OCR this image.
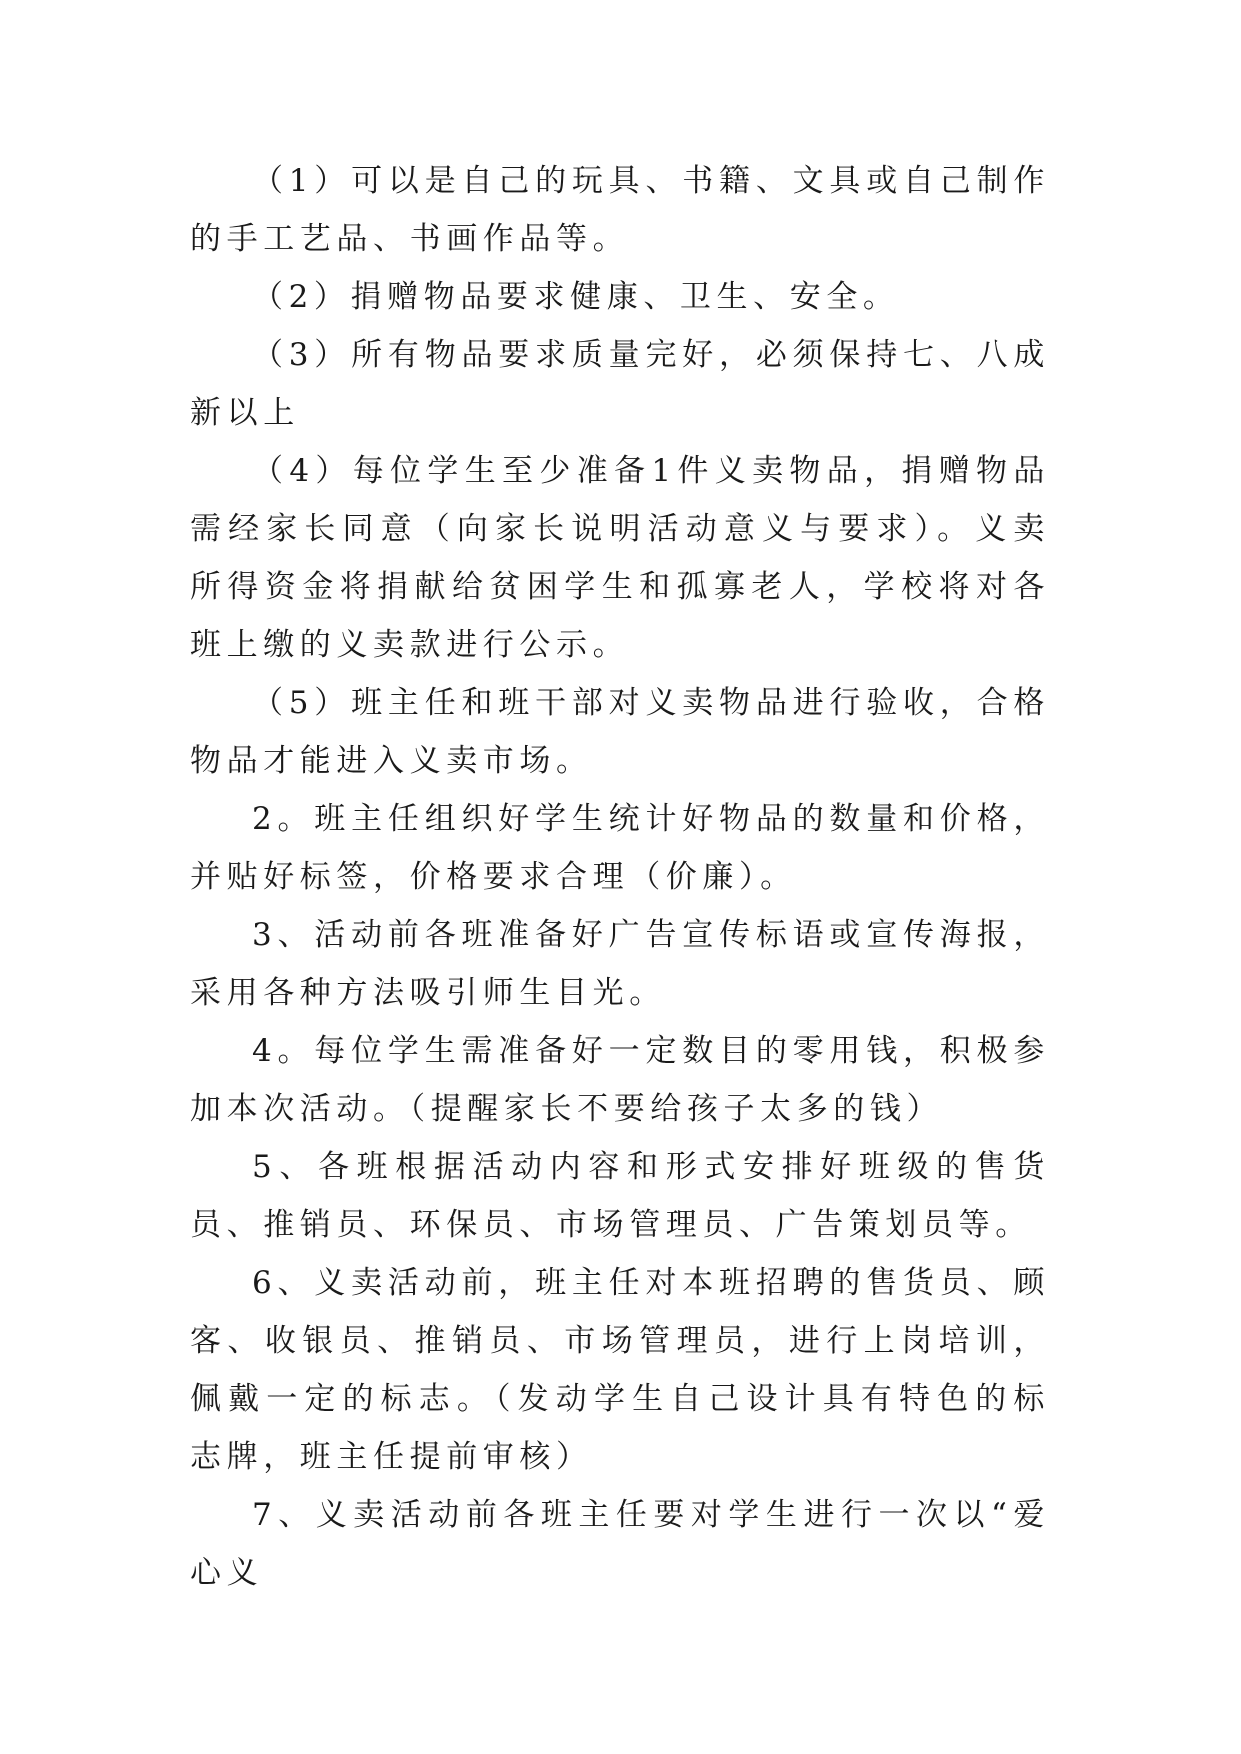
（1）可以是自己的玩具、书籍、文具或自己制作的手工艺品、书画作品等。

（2）捐赠物品要求健康、卫生、安全。

（3）所有物品要求质量完好，必须保持七、八成新以上

（4）每位学生至少准备1件义卖物品，捐赠物品需经家长同意（向家长说明活动意义与要求）。义卖所得资金将捐献给贫困学生和孤寡老人，学校将对各班上缴的义卖款进行公示。

（5）班主任和班干部对义卖物品进行验收，合格物品才能进入义卖市场。

2。班主任组织好学生统计好物品的数量和价格，并贴好标签，价格要求合理（价廉）。

3、活动前各班准备好广告宣传标语或宣传海报，采用各种方法吸引师生目光。

4。每位学生需准备好一定数目的零用钱，积极参加本次活动。（提醒家长不要给孩子太多的钱）

5、各班根据活动内容和形式安排好班级的售货员、推销员、环保员、市场管理员、广告策划员等。

6、义卖活动前，班主任对本班招聘的售货员、顾客、收银员、推销员、市场管理员，进行上岗培训，佩戴一定的标志。（发动学生自己设计具有特色的标志牌，班主任提前审核）

7、义卖活动前各班主任要对学生进行一次以“爱心义
